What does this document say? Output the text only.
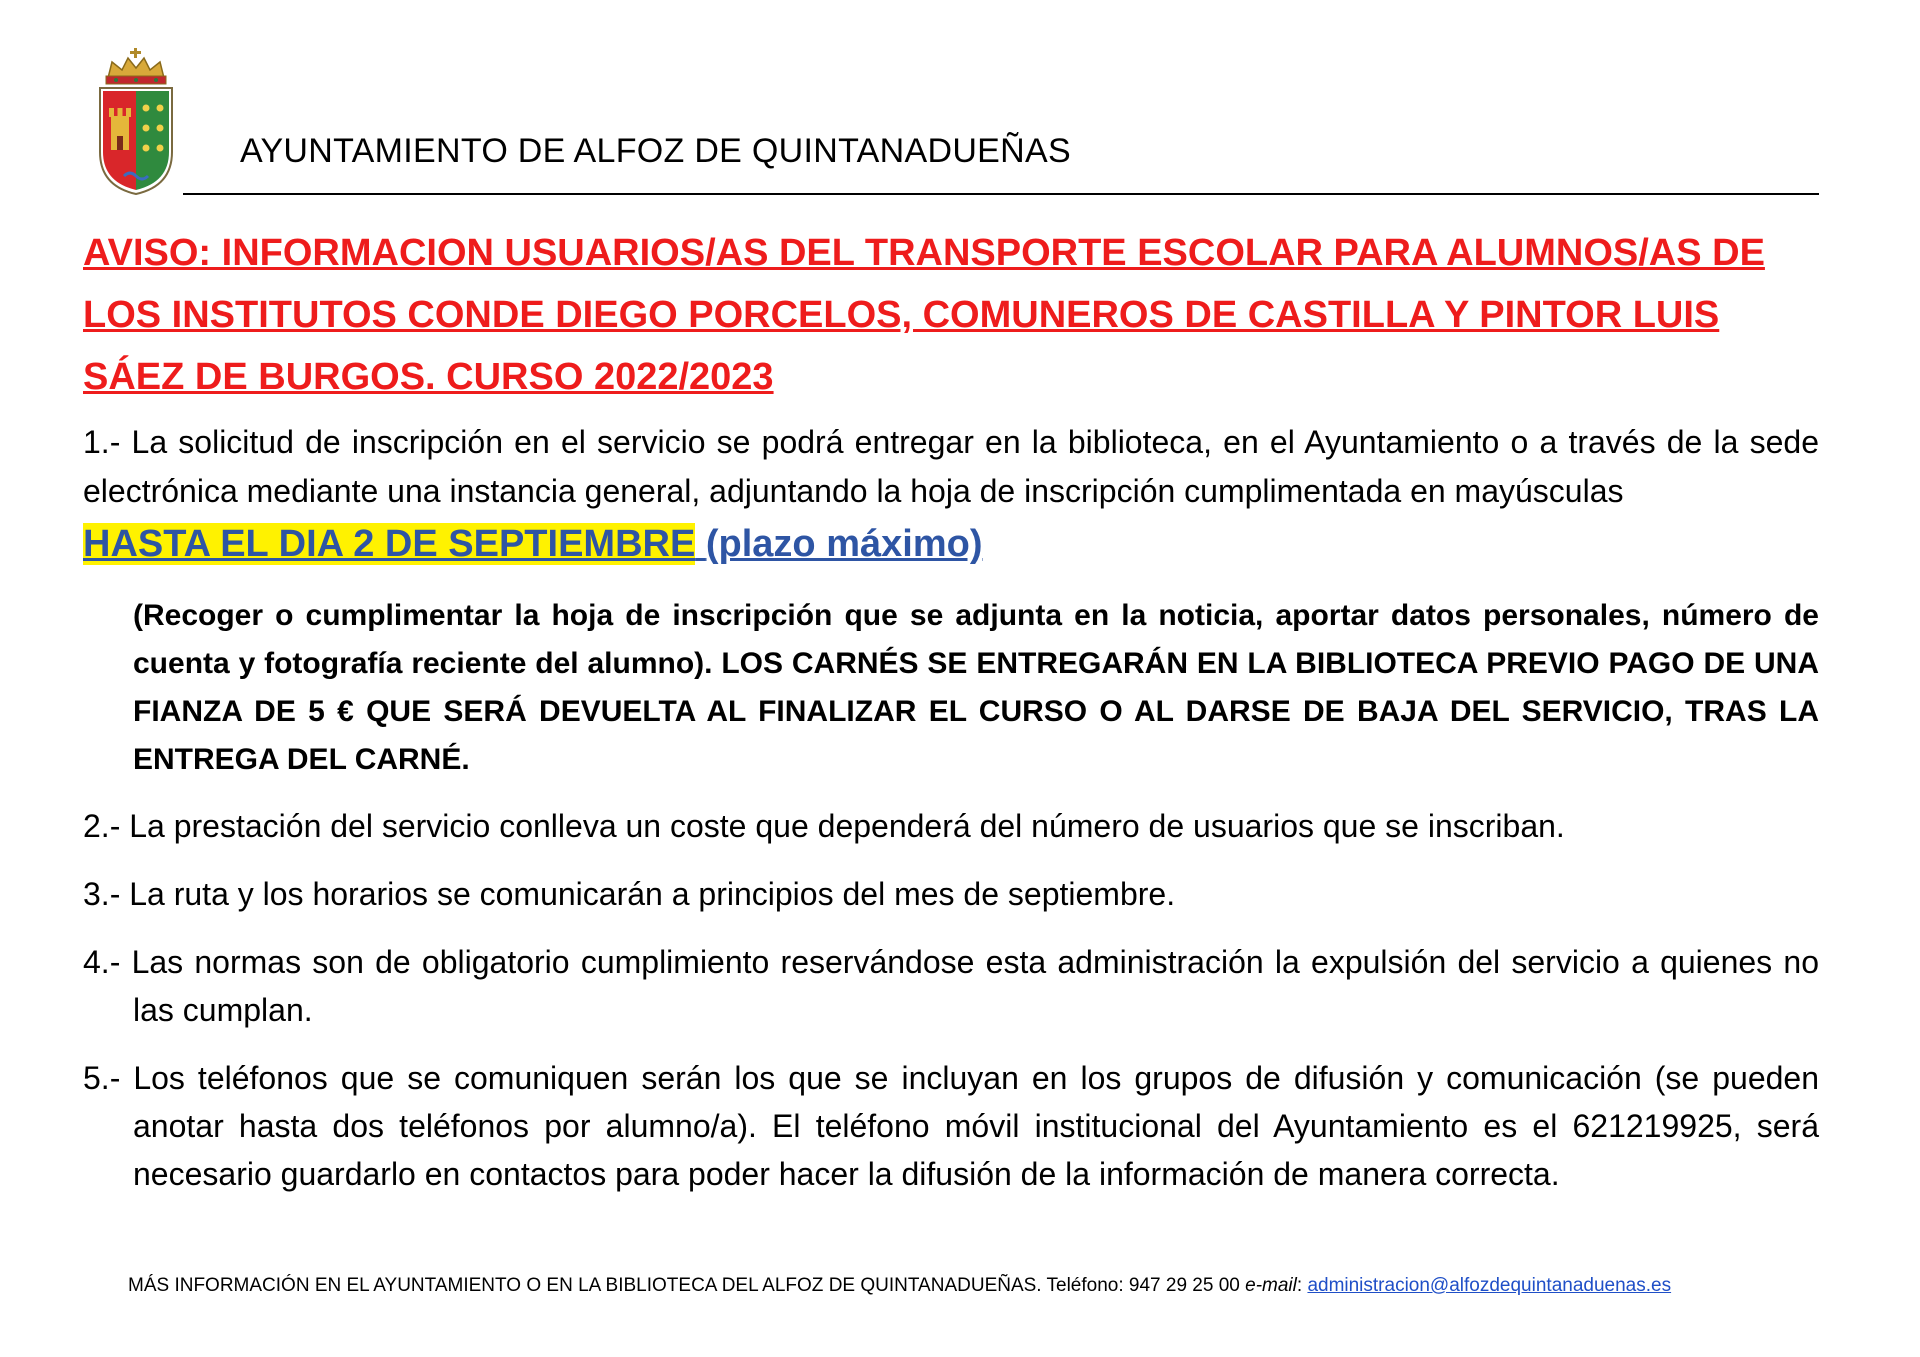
AYUNTAMIENTO DE ALFOZ DE QUINTANADUEÑAS

AVISO: INFORMACION USUARIOS/AS DEL TRANSPORTE ESCOLAR PARA ALUMNOS/AS DE LOS INSTITUTOS CONDE DIEGO PORCELOS, COMUNEROS DE CASTILLA Y PINTOR LUIS SÁEZ DE BURGOS. CURSO 2022/2023

1.- La solicitud de inscripción en el servicio se podrá entregar en la biblioteca, en el Ayuntamiento o a través de la sede electrónica mediante una instancia general, adjuntando la hoja de inscripción cumplimentada en mayúsculas

HASTA EL DIA 2 DE SEPTIEMBRE (plazo máximo)

(Recoger o cumplimentar la hoja de inscripción que se adjunta en la noticia, aportar datos personales, número de cuenta y fotografía reciente del alumno). LOS CARNÉS SE ENTREGARÁN EN LA BIBLIOTECA PREVIO PAGO DE UNA FIANZA DE 5 € QUE SERÁ DEVUELTA AL FINALIZAR EL CURSO O AL DARSE DE BAJA DEL SERVICIO, TRAS LA ENTREGA DEL CARNÉ.

2.- La prestación del servicio conlleva un coste que dependerá del número de usuarios que se inscriban.

3.- La ruta y los horarios se comunicarán a principios del mes de septiembre.

4.- Las normas son de obligatorio cumplimiento reservándose esta administración la expulsión del servicio a quienes no las cumplan.

5.- Los teléfonos que se comuniquen serán los que se incluyan en los grupos de difusión y comunicación (se pueden anotar hasta dos teléfonos por alumno/a). El teléfono móvil institucional del Ayuntamiento es el 621219925, será necesario guardarlo en contactos para poder hacer la difusión de la información de manera correcta.

MÁS INFORMACIÓN EN EL AYUNTAMIENTO O EN LA BIBLIOTECA DEL ALFOZ DE QUINTANADUEÑAS. Teléfono: 947 29 25 00 e-mail: administracion@alfozdequintanaduenas.es
